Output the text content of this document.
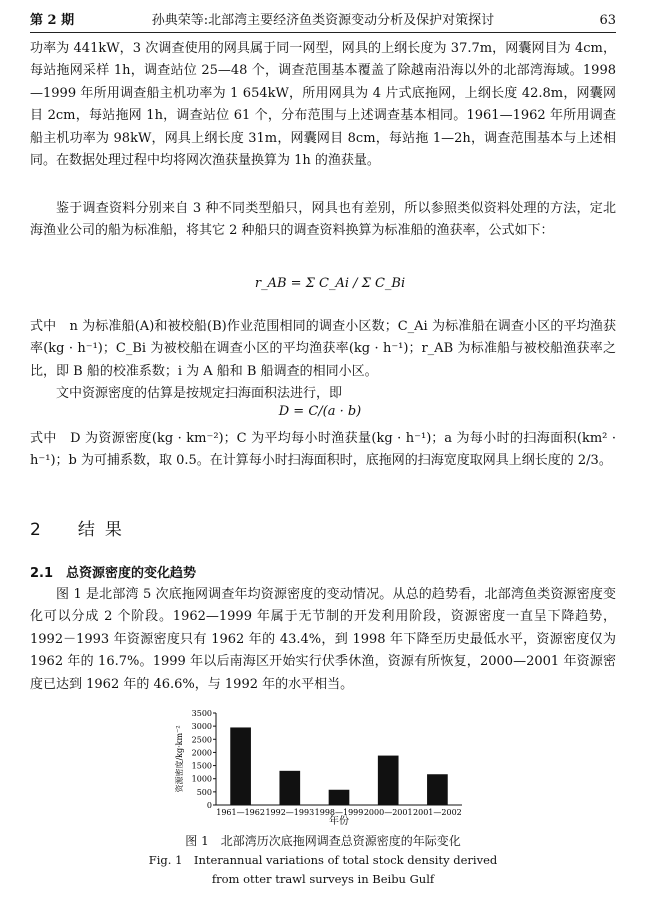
第 2 期	孙典荣等:北部湾主要经济鱼类资源变动分析及保护对策探讨	63

功率为 441kW，3 次调查使用的网具属于同一网型，网具的上纲长度为 37.7m，网囊网目为 4cm，每站拖网采样 1h，调查站位 25—48 个，调查范围基本覆盖了除越南沿海以外的北部湾海域。1998—1999 年所用调查船主机功率为 1 654kW，所用网具为 4 片式底拖网，上纲长度 42.8m，网囊网目 2cm，每站拖网 1h，调查站位 61 个，分布范围与上述调查基本相同。1961—1962 年所用调查船主机功率为 98kW，网具上纲长度 31m，网囊网目 8cm，每站拖 1—2h，调查范围基本与上述相同。在数据处理过程中均将网次渔获量换算为 1h 的渔获量。

鉴于调查资料分别来自 3 种不同类型船只，网具也有差别，所以参照类似资料处理的方法，定北海渔业公司的船为标准船，将其它 2 种船只的调查资料换算为标准船的渔获率，公式如下：

r_AB = Σ C_Ai / Σ C_Bi

式中　n 为标准船(A)和被校船(B)作业范围相同的调查小区数；C_Ai 为标准船在调查小区的平均渔获率(kg · h⁻¹)；C_Bi 为被校船在调查小区的平均渔获率(kg · h⁻¹)；r_AB 为标准船与被校船渔获率之比，即 B 船的校准系数；i 为 A 船和 B 船调查的相同小区。

文中资源密度的估算是按规定扫海面积法进行，即

D = C/(a · b)

式中　D 为资源密度(kg · km⁻²)；C 为平均每小时渔获量(kg · h⁻¹)；a 为每小时的扫海面积(km² · h⁻¹)；b 为可捕系数，取 0.5。在计算每小时扫海面积时，底拖网的扫海宽度取网具上纲长度的 2/3。

2　 结果
2.1　 总资源密度的变化趋势

图 1 是北部湾 5 次底拖网调查年均资源密度的变动情况。从总的趋势看，北部湾鱼类资源密度变化可以分成 2 个阶段。1962—1999 年属于无节制的开发利用阶段，资源密度一直呈下降趋势，1992－1993 年资源密度只有 1962 年的 43.4%，到 1998 年下降至历史最低水平，资源密度仅为 1962 年的 16.7%。1999 年以后南海区开始实行伏季休渔，资源有所恢复，2000—2001 年资源密度已达到 1962 年的 46.6%，与 1992 年的水平相当。

0
500
1000
1500
2000
2500
3000
3500
1961—1962 1992—1993 1998—1999 2000—2001 2001—2002
年份
资源密度/kg·km⁻²
图 1　北部湾历次底拖网调查总资源密度的年际变化
Fig. 1　Interannual variations of total stock density derived
from otter trawl surveys in Beibu Gulf
